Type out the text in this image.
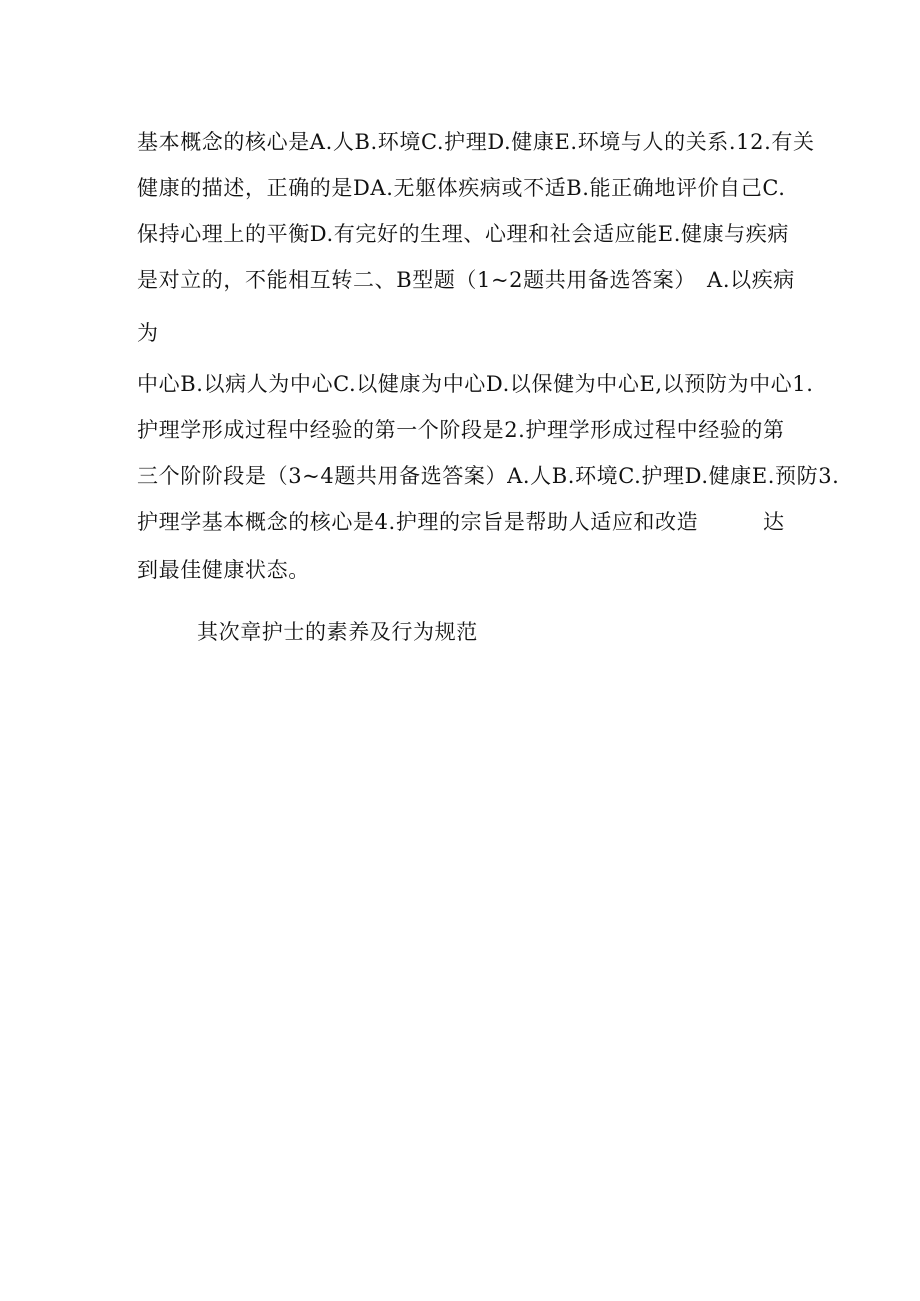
基本概念的核心是A.人B.环境C.护理D.健康E.环境与人的关系.12.有关
健康的描述，正确的是DA.无躯体疾病或不适B.能正确地评价自己C.
保持心理上的平衡D.有完好的生理、心理和社会适应能E.健康与疾病
是对立的，不能相互转二、B型题（1~2题共用备选答案）　A.以疾病
为
中心B.以病人为中心C.以健康为中心D.以保健为中心E,以预防为中心1.
护理学形成过程中经验的第一个阶段是2.护理学形成过程中经验的第
三个阶阶段是（3~4题共用备选答案）A.人B.环境C.护理D.健康E.预防3.
护理学基本概念的核心是4.护理的宗旨是帮助人适应和改造　　　达
到最佳健康状态。
其次章护士的素养及行为规范
